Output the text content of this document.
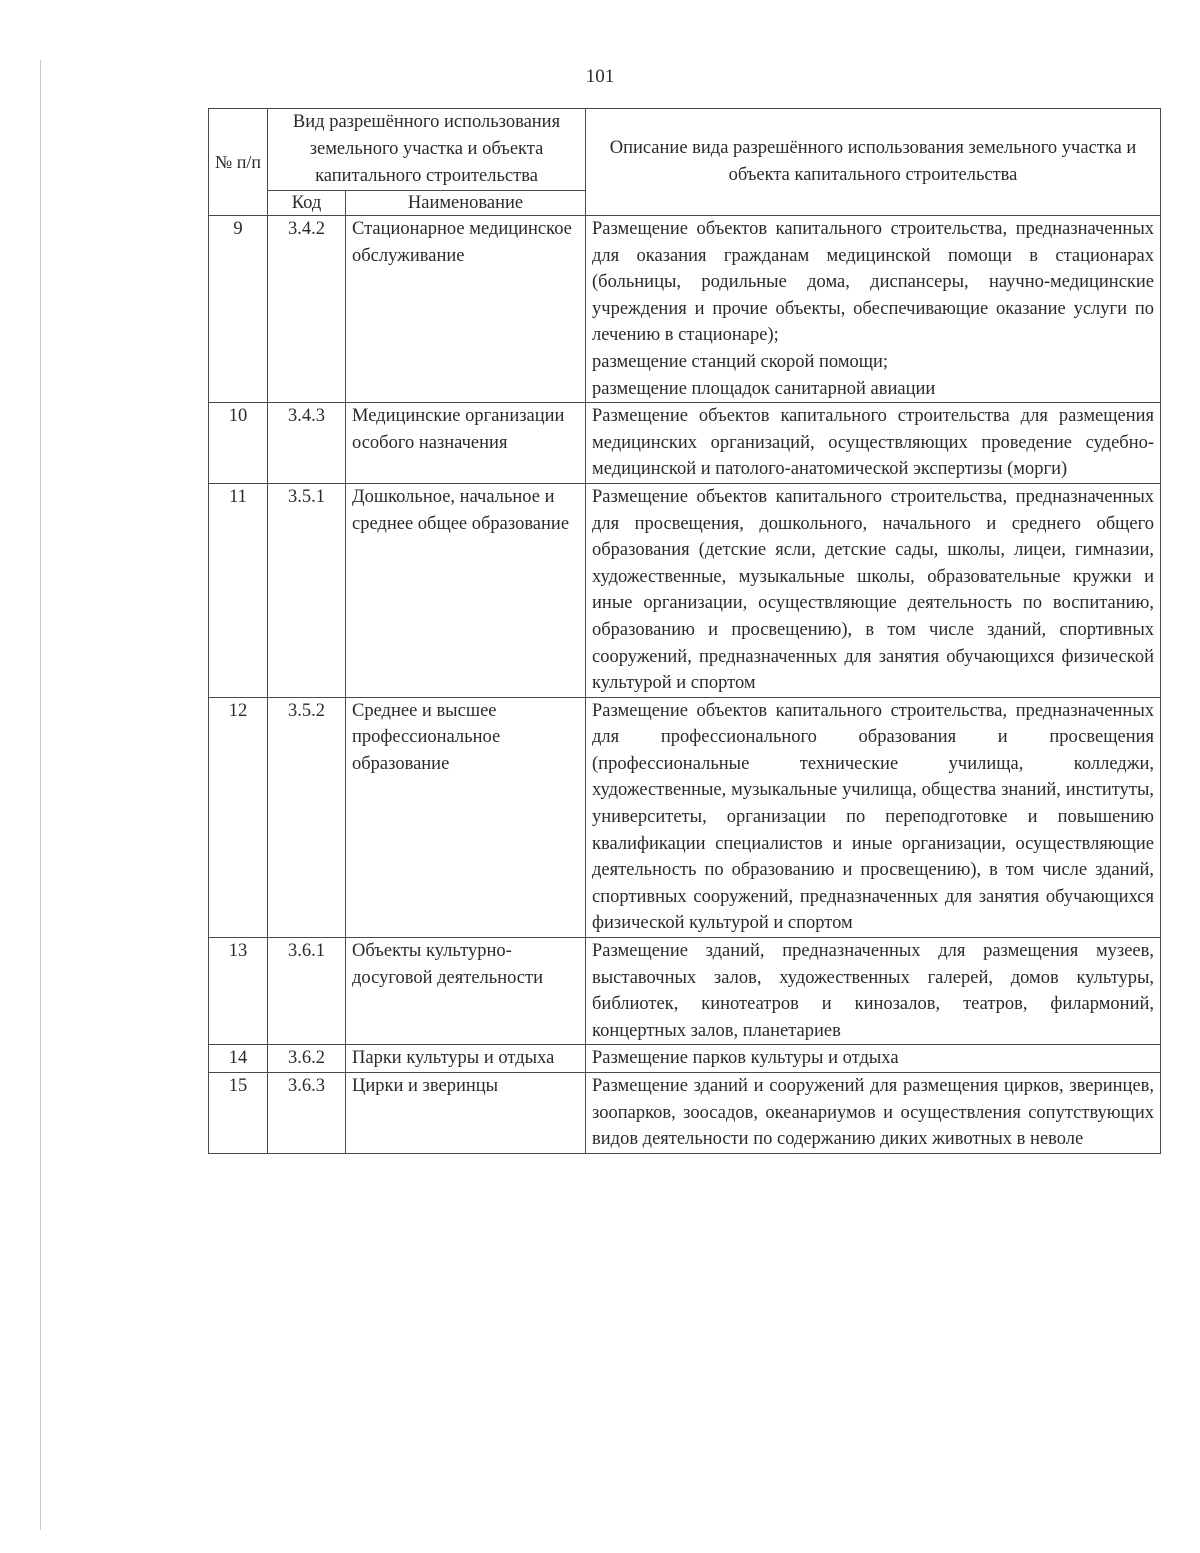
101
№ п/п	Вид разрешённого использования земельного участка и объекта капитального строительства		Описание вида разрешённого использования земельного участка и объекта капитального строительства
	Код	Наименование	
9	3.4.2	Стационарное медицинское обслуживание	Размещение объектов капитального строительства, предназначенных для оказания гражданам медицинской помощи в стационарах (больницы, родильные дома, диспансеры, научно-медицинские учреждения и прочие объекты, обеспечивающие оказание услуги по лечению в стационаре);
размещение станций скорой помощи;
размещение площадок санитарной авиации

10	3.4.3	Медицинские организации особого назначения	Размещение объектов капитального строительства для размещения медицинских организаций, осуществляющих проведение судебно-медицинской и патолого-анатомической экспертизы (морги)

11	3.5.1	Дошкольное, начальное и среднее общее образование	Размещение объектов капитального строительства, предназначенных для просвещения, дошкольного, начального и среднего общего образования (детские ясли, детские сады, школы, лицеи, гимназии, художественные, музыкальные школы, образовательные кружки и иные организации, осуществляющие деятельность по воспитанию, образованию и просвещению), в том числе зданий, спортивных сооружений, предназначенных для занятия обучающихся физической культурой и спортом

12	3.5.2	Среднее и высшее профессиональное образование	Размещение объектов капитального строительства, предназначенных для профессионального образования и просвещения (профессиональные технические училища, колледжи, художественные, музыкальные училища, общества знаний, институты, университеты, организации по переподготовке и повышению квалификации специалистов и иные организации, осуществляющие деятельность по образованию и просвещению), в том числе зданий, спортивных сооружений, предназначенных для занятия обучающихся физической культурой и спортом

13	3.6.1	Объекты культурно-досуговой деятельности	Размещение зданий, предназначенных для размещения музеев, выставочных залов, художественных галерей, домов культуры, библиотек, кинотеатров и кинозалов, театров, филармоний, концертных залов, планетариев

14	3.6.2	Парки культуры и отдыха	Размещение парков культуры и отдыха

15	3.6.3	Цирки и зверинцы	Размещение зданий и сооружений для размещения цирков, зверинцев, зоопарков, зоосадов, океанариумов и осуществления сопутствующих видов деятельности по содержанию диких животных в неволе
